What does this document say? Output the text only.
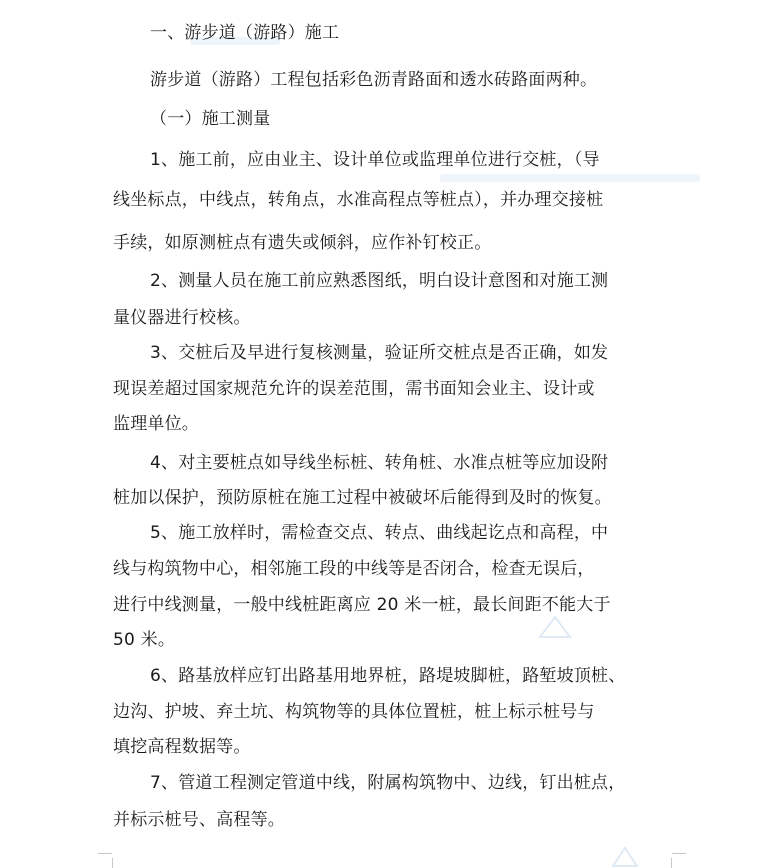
一、游步道（游路）施工

游步道（游路）工程包括彩色沥青路面和透水砖路面两种。

（一）施工测量

1、施工前，应由业主、设计单位或监理单位进行交桩，（导

线坐标点，中线点，转角点，水准高程点等桩点），并办理交接桩

手续，如原测桩点有遗失或倾斜，应作补钉校正。

2、测量人员在施工前应熟悉图纸，明白设计意图和对施工测

量仪器进行校核。

3、交桩后及早进行复核测量，验证所交桩点是否正确，如发

现误差超过国家规范允许的误差范围，需书面知会业主、设计或

监理单位。

4、对主要桩点如导线坐标桩、转角桩、水准点桩等应加设附

桩加以保护，预防原桩在施工过程中被破坏后能得到及时的恢复。

5、施工放样时，需检查交点、转点、曲线起讫点和高程，中

线与构筑物中心，相邻施工段的中线等是否闭合，检查无误后，

进行中线测量，一般中线桩距离应 20 米一桩，最长间距不能大于

50 米。

6、路基放样应钉出路基用地界桩，路堤坡脚桩，路堑坡顶桩、

边沟、护坡、弃土坑、构筑物等的具体位置桩，桩上标示桩号与

填挖高程数据等。

7、管道工程测定管道中线，附属构筑物中、边线，钉出桩点，

并标示桩号、高程等。
